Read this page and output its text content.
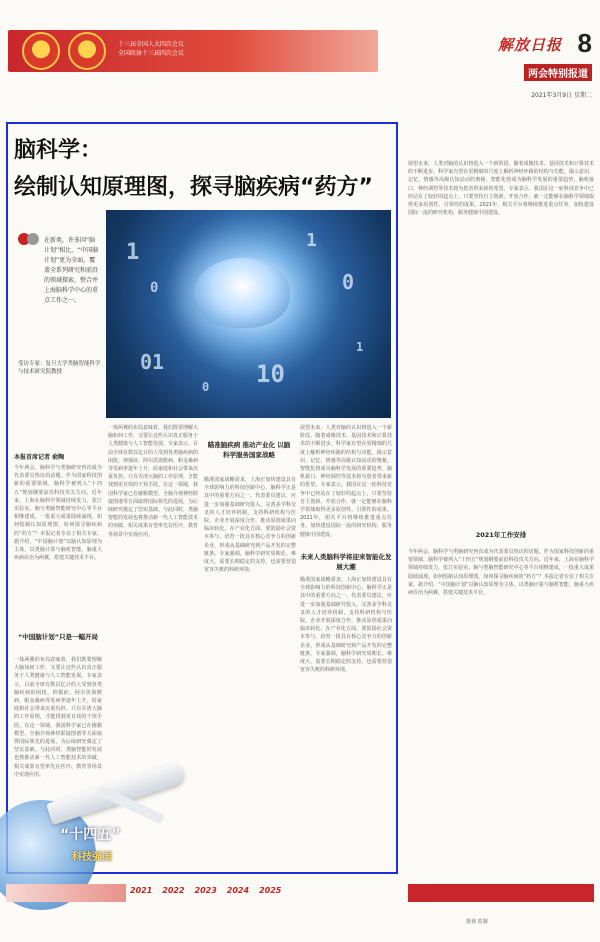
十三届全国人大四次会议
全国政协十三届四次会议	解放日报 8
两会特别报道
2021年3月9日 星期二
脑科学：
绘制认知原理图，探寻脑疾病“药方”
在新类，许多国“脑计划”相比，“中国脑计划”更为全面，覆盖全系列研究和前沿的领域探索，整合并上海脑科学中心的重点工作之一。
受访专家：复旦大学类脑智能科学与技术研究院教授
1
0
1
0
01	10
1
0
本报首席记者 俞陶
今年两会，脑科学与类脑研究再次成为代表委员热议的话题。作为国家科技创新的重要领域，脑科学被列入“十四五”规划纲要前沿科技攻关方向。近年来，上海在脑科学领域持续发力，张江实验室、脑与类脑智能研究中心等平台相继建成，一批重大成果陆续涌现。如何绘制认知原理图，如何探寻脑疾病的“药方”？本报记者专访了相关专家。据介绍，“中国脑计划”以脑认知原理为主体，以类脑计算与脑机智能、脑重大疾病诊治为两翼，搭建关键技术平台。
“中国脑计划”只是一幅开局
一体两翼的布局意味着，我们既要理解大脑如何工作，又要让这些认识真正服务于人类健康与人工智能发展。专家表示，目前全球有数以亿计的人受到各类脑疾病的困扰，抑郁症、阿尔茨海默病、帕金森病等发病率逐年上升，给家庭和社会带来沉重负担。只有弄清大脑的工作原理，才能找到更有效的干预手段。在这一领域，我国科学家已在猕猴模型、全脑介观神经联接图谱等方面取得国际领先的进展，为后续研究奠定了坚实基础。与此同时，类脑智能的发展也将推动新一代人工智能技术的突破，相关成果有望率先在医疗、教育等场景中实现应用。
一体两翼的布局意味着，我们既要理解大脑如何工作，又要让这些认识真正服务于人类健康与人工智能发展。专家表示，目前全球有数以亿计的人受到各类脑疾病的困扰，抑郁症、阿尔茨海默病、帕金森病等发病率逐年上升，给家庭和社会带来沉重负担。只有弄清大脑的工作原理，才能找到更有效的干预手段。在这一领域，我国科学家已在猕猴模型、全脑介观神经联接图谱等方面取得国际领先的进展，为后续研究奠定了坚实基础。与此同时，类脑智能的发展也将推动新一代人工智能技术的突破，相关成果有望率先在医疗、教育等场景中实现应用。
瞄准脑疾病 推动产业化 以脑科学服务国家战略
瞄准国家战略需求，上海正加快建设具有全球影响力的科技创新中心，脑科学正是其中的重要方向之一。代表委员建议，应进一步加强基础研究投入，完善多学科交叉的人才培养机制，支持科研机构与医院、企业开展深度合作，推动原创成果向临床转化。在产业化方面，要鼓励社会资本参与，培育一批具有核心竞争力的创新企业，形成从基础研究到产品开发的完整链条。专家强调，脑科学研究周期长、难度大，需要长期稳定的支持，也需要营造宽容失败的科研环境。
展望未来，人类对脑的认识将进入一个新阶段。随着成像技术、基因技术和计算技术的不断进步，科学家有望在更精细的尺度上解析神经环路的结构与功能，揭示意识、记忆、情感等高级认知活动的奥秘。智能化将成为脑科学发展的重要趋势，脑机接口、神经调控等技术将为患者带来新的希望。专家表示，我国在这一轮科技竞争中已经站在了较好的起点上，只要坚持自主创新、开放合作，就一定能够在脑科学领域取得更多原创性、引领性的成果。2021年，相关平台将继续推进重点任务，加快建设国际一流的研究机构，服务健康中国建设。
未来人类脑科学将迎来智能化发展大潮
瞄准国家战略需求，上海正加快建设具有全球影响力的科技创新中心，脑科学正是其中的重要方向之一。代表委员建议，应进一步加强基础研究投入，完善多学科交叉的人才培养机制，支持科研机构与医院、企业开展深度合作，推动原创成果向临床转化。在产业化方面，要鼓励社会资本参与，培育一批具有核心竞争力的创新企业，形成从基础研究到产品开发的完整链条。专家强调，脑科学研究周期长、难度大，需要长期稳定的支持，也需要营造宽容失败的科研环境。
展望未来，人类对脑的认识将进入一个新阶段。随着成像技术、基因技术和计算技术的不断进步，科学家有望在更精细的尺度上解析神经环路的结构与功能，揭示意识、记忆、情感等高级认知活动的奥秘。智能化将成为脑科学发展的重要趋势，脑机接口、神经调控等技术将为患者带来新的希望。专家表示，我国在这一轮科技竞争中已经站在了较好的起点上，只要坚持自主创新、开放合作，就一定能够在脑科学领域取得更多原创性、引领性的成果。2021年，相关平台将继续推进重点任务，加快建设国际一流的研究机构，服务健康中国建设。
2021年工作安排
今年两会，脑科学与类脑研究再次成为代表委员热议的话题。作为国家科技创新的重要领域，脑科学被列入“十四五”规划纲要前沿科技攻关方向。近年来，上海在脑科学领域持续发力，张江实验室、脑与类脑智能研究中心等平台相继建成，一批重大成果陆续涌现。如何绘制认知原理图，如何探寻脑疾病的“药方”？本报记者专访了相关专家。据介绍，“中国脑计划”以脑认知原理为主体，以类脑计算与脑机智能、脑重大疾病诊治为两翼，搭建关键技术平台。
“十四五”
科技强国
2021 2022 2023 2024 2025
策划 监制
